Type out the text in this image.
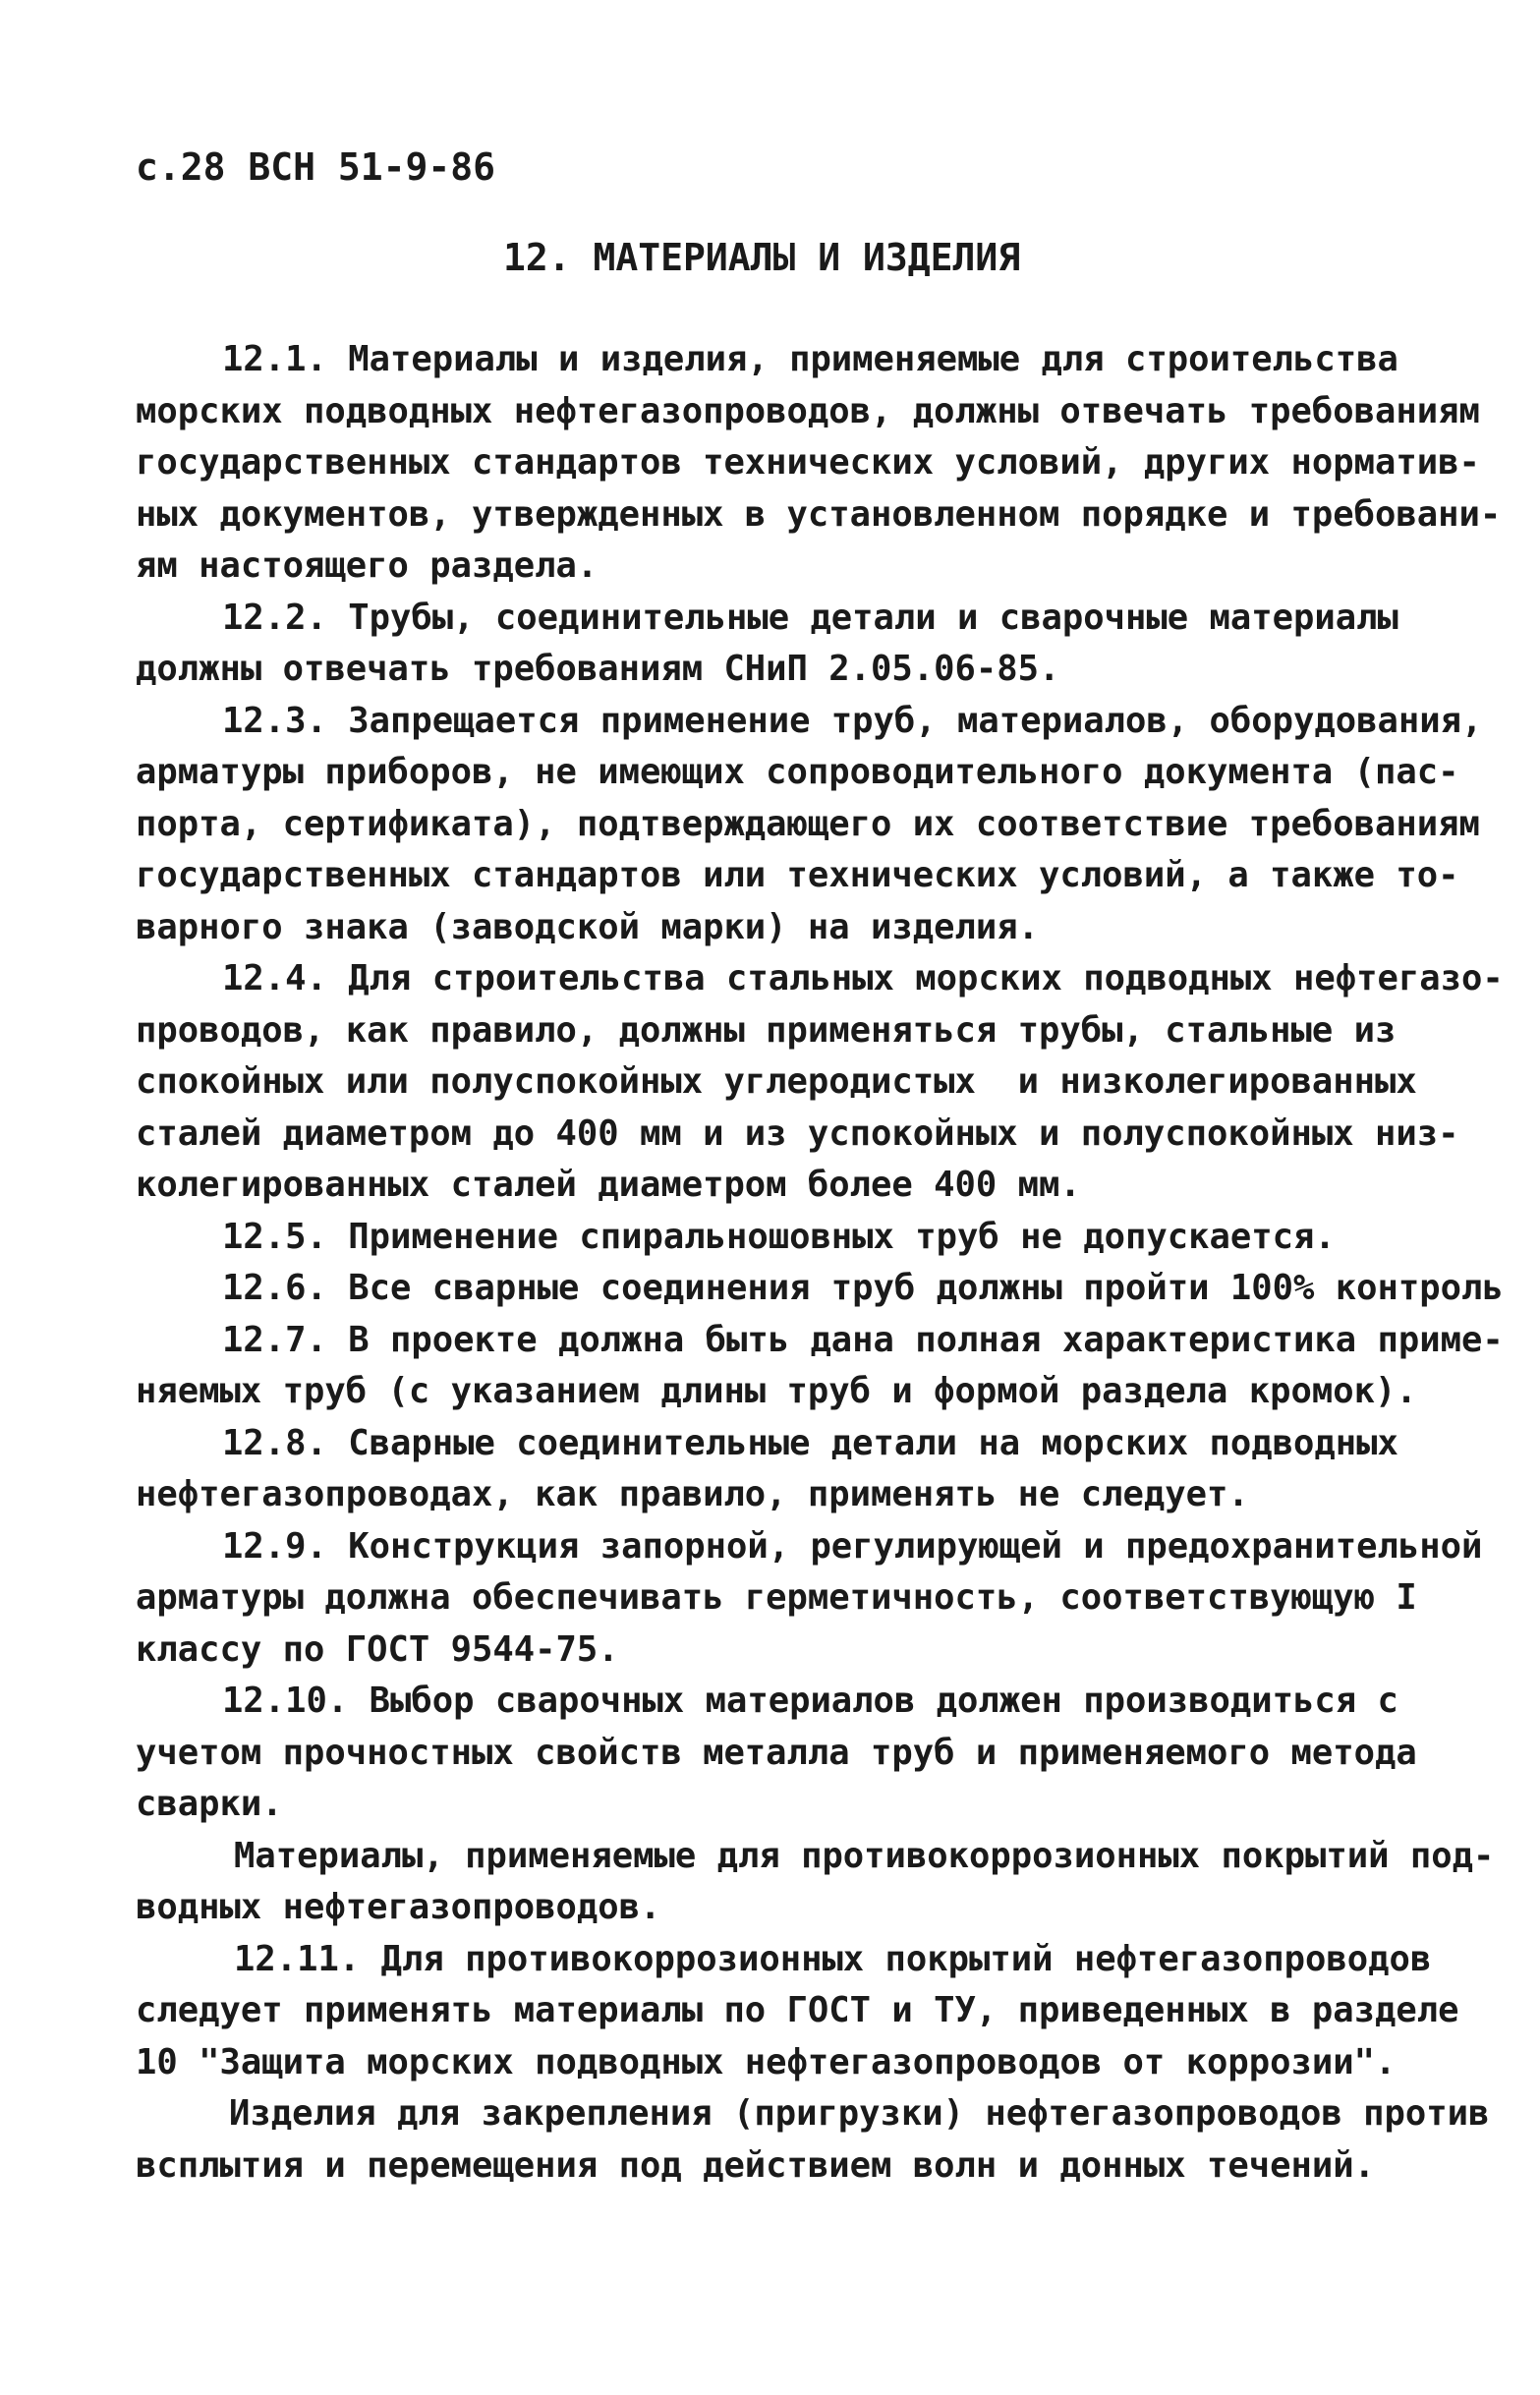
с.28 ВСН 51-9-86
12. МАТЕРИАЛЫ И ИЗДЕЛИЯ
12.1. Материалы и изделия, применяемые для строительства
морских подводных нефтегазопроводов, должны отвечать требованиям
государственных стандартов технических условий, других норматив-
ных документов, утвержденных в установленном порядке и требовани-
ям настоящего раздела.
12.2. Трубы, соединительные детали и сварочные материалы
должны отвечать требованиям СНиП 2.05.06-85.
12.3. Запрещается применение труб, материалов, оборудования,
арматуры приборов, не имеющих сопроводительного документа (пас-
порта, сертификата), подтверждающего их соответствие требованиям
государственных стандартов или технических условий, а также то-
варного знака (заводской марки) на изделия.
12.4. Для строительства стальных морских подводных нефтегазо-
проводов, как правило, должны применяться трубы, стальные из
спокойных или полуспокойных углеродистых  и низколегированных
сталей диаметром до 400 мм и из успокойных и полуспокойных низ-
колегированных сталей диаметром более 400 мм.
12.5. Применение спиральношовных труб не допускается.
12.6. Все сварные соединения труб должны пройти 100% контроль
12.7. В проекте должна быть дана полная характеристика приме-
няемых труб (с указанием длины труб и формой раздела кромок).
12.8. Сварные соединительные детали на морских подводных
нефтегазопроводах, как правило, применять не следует.
12.9. Конструкция запорной, регулирующей и предохранительной
арматуры должна обеспечивать герметичность, соответствующую I
классу по ГОСТ 9544-75.
12.10. Выбор сварочных материалов должен производиться с
учетом прочностных свойств металла труб и применяемого метода
сварки.
Материалы, применяемые для противокоррозионных покрытий под-
водных нефтегазопроводов.
12.11. Для противокоррозионных покрытий нефтегазопроводов
следует применять материалы по ГОСТ и ТУ, приведенных в разделе
10 "Защита морских подводных нефтегазопроводов от коррозии".
Изделия для закрепления (пригрузки) нефтегазопроводов против
всплытия и перемещения под действием волн и донных течений.
